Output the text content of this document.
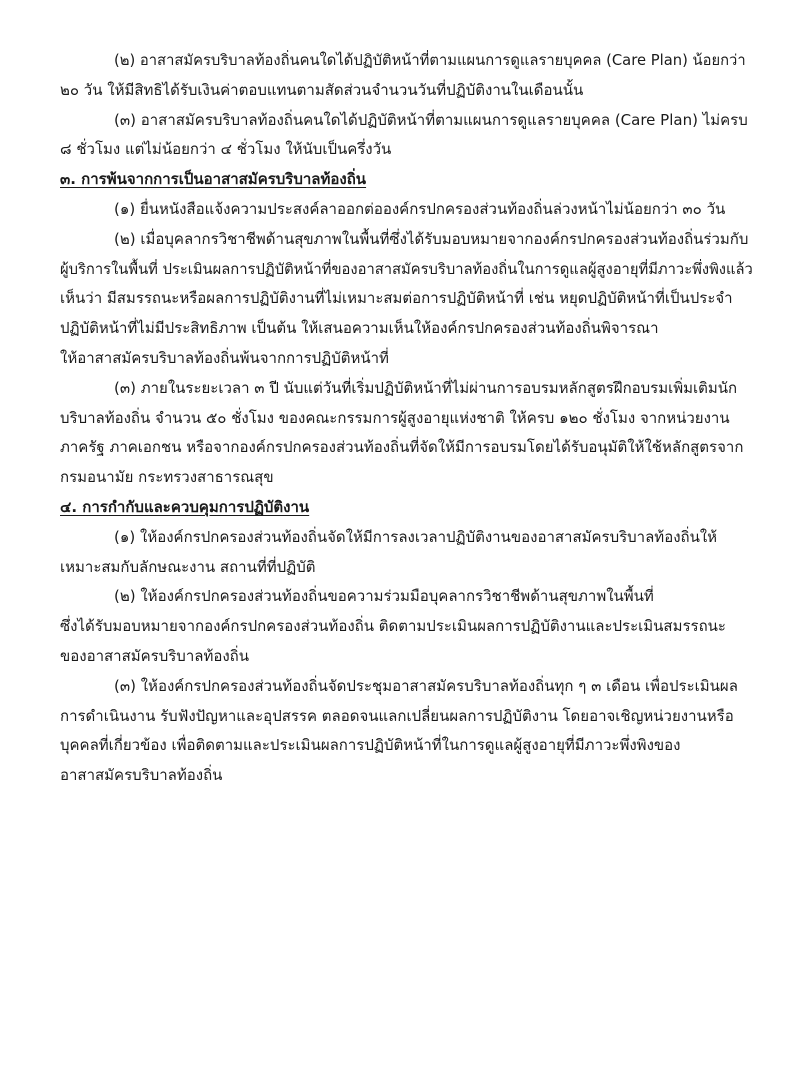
(๒) อาสาสมัครบริบาลท้องถิ่นคนใดได้ปฏิบัติหน้าที่ตามแผนการดูแลรายบุคคล (Care Plan) น้อยกว่า
๒๐ วัน ให้มีสิทธิได้รับเงินค่าตอบแทนตามสัดส่วนจำนวนวันที่ปฏิบัติงานในเดือนนั้น
(๓) อาสาสมัครบริบาลท้องถิ่นคนใดได้ปฏิบัติหน้าที่ตามแผนการดูแลรายบุคคล (Care Plan) ไม่ครบ
๘ ชั่วโมง แต่ไม่น้อยกว่า ๔ ชั่วโมง ให้นับเป็นครึ่งวัน
๓. การพ้นจากการเป็นอาสาสมัครบริบาลท้องถิ่น
(๑) ยื่นหนังสือแจ้งความประสงค์ลาออกต่อองค์กรปกครองส่วนท้องถิ่นล่วงหน้าไม่น้อยกว่า ๓๐ วัน
(๒) เมื่อบุคลากรวิชาชีพด้านสุขภาพในพื้นที่ซึ่งได้รับมอบหมายจากองค์กรปกครองส่วนท้องถิ่นร่วมกับ
ผู้บริการในพื้นที่ ประเมินผลการปฏิบัติหน้าที่ของอาสาสมัครบริบาลท้องถิ่นในการดูแลผู้สูงอายุที่มีภาวะพึ่งพิงแล้ว
เห็นว่า มีสมรรถนะหรือผลการปฏิบัติงานที่ไม่เหมาะสมต่อการปฏิบัติหน้าที่ เช่น หยุดปฏิบัติหน้าที่เป็นประจำ
ปฏิบัติหน้าที่ไม่มีประสิทธิภาพ เป็นต้น ให้เสนอความเห็นให้องค์กรปกครองส่วนท้องถิ่นพิจารณา
ให้อาสาสมัครบริบาลท้องถิ่นพ้นจากการปฏิบัติหน้าที่
(๓) ภายในระยะเวลา ๓ ปี นับแต่วันที่เริ่มปฏิบัติหน้าที่ไม่ผ่านการอบรมหลักสูตรฝึกอบรมเพิ่มเติมนัก
บริบาลท้องถิ่น จำนวน ๕๐ ชั่งโมง ของคณะกรรมการผู้สูงอายุแห่งชาติ ให้ครบ ๑๒๐ ชั่งโมง จากหน่วยงาน
ภาครัฐ ภาคเอกชน หรือจากองค์กรปกครองส่วนท้องถิ่นที่จัดให้มีการอบรมโดยได้รับอนุมัติให้ใช้หลักสูตรจาก
กรมอนามัย กระทรวงสาธารณสุข
๔. การกำกับและควบคุมการปฏิบัติงาน
(๑) ให้องค์กรปกครองส่วนท้องถิ่นจัดให้มีการลงเวลาปฏิบัติงานของอาสาสมัครบริบาลท้องถิ่นให้
เหมาะสมกับลักษณะงาน สถานที่ที่ปฏิบัติ
(๒) ให้องค์กรปกครองส่วนท้องถิ่นขอความร่วมมือบุคลากรวิชาชีพด้านสุขภาพในพื้นที่
ซึ่งได้รับมอบหมายจากองค์กรปกครองส่วนท้องถิ่น ติดตามประเมินผลการปฏิบัติงานและประเมินสมรรถนะ
ของอาสาสมัครบริบาลท้องถิ่น
(๓) ให้องค์กรปกครองส่วนท้องถิ่นจัดประชุมอาสาสมัครบริบาลท้องถิ่นทุก ๆ ๓ เดือน เพื่อประเมินผล
การดำเนินงาน รับฟังปัญหาและอุปสรรค ตลอดจนแลกเปลี่ยนผลการปฏิบัติงาน โดยอาจเชิญหน่วยงานหรือ
บุคคลที่เกี่ยวข้อง เพื่อติดตามและประเมินผลการปฏิบัติหน้าที่ในการดูแลผู้สูงอายุที่มีภาวะพึ่งพิงของ
อาสาสมัครบริบาลท้องถิ่น
